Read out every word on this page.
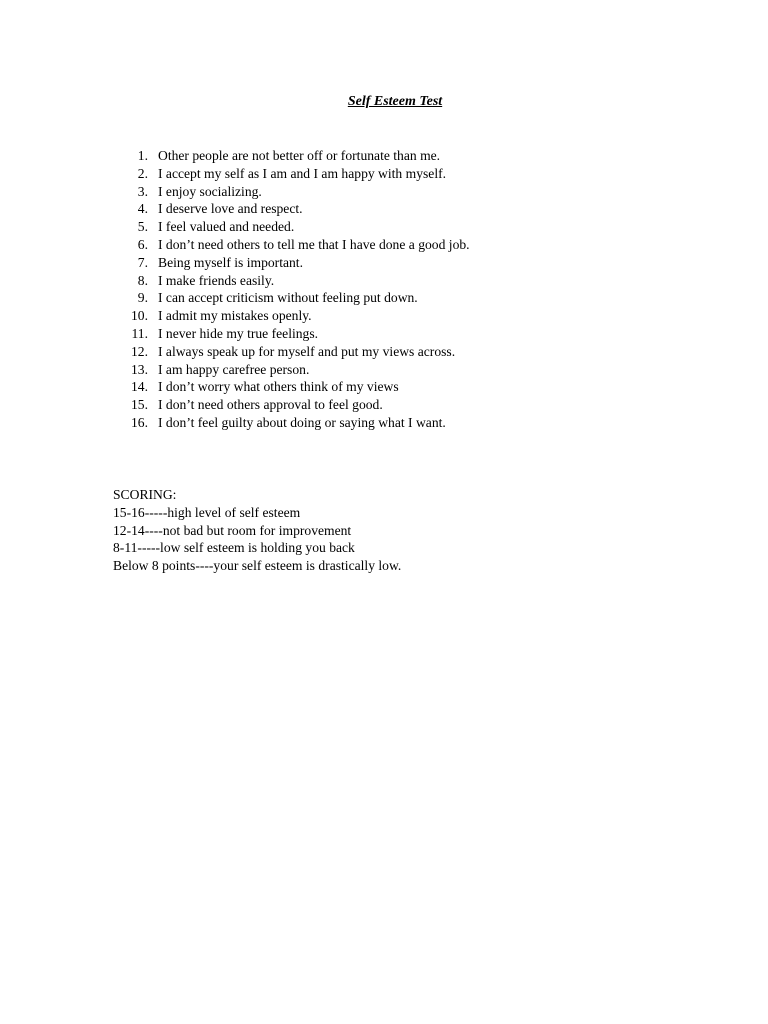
Self Esteem Test
1. Other people are not better off or fortunate than me.
2. I accept my self as I am and I am happy with myself.
3. I enjoy socializing.
4. I deserve love and respect.
5. I feel valued and needed.
6. I don’t need others to tell me that I have done a good job.
7. Being myself is important.
8. I make friends easily.
9. I can accept criticism without feeling put down.
10. I admit my mistakes openly.
11. I never hide my true feelings.
12. I always speak up for myself and put my views across.
13. I am happy carefree person.
14. I don’t worry what others think of my views
15. I don’t need others approval to feel good.
16. I don’t feel guilty about doing or saying what I want.
SCORING:
15-16-----high level of self esteem
12-14----not bad but room for improvement
8-11-----low self esteem is holding you back
Below 8 points----your self esteem is drastically low.
